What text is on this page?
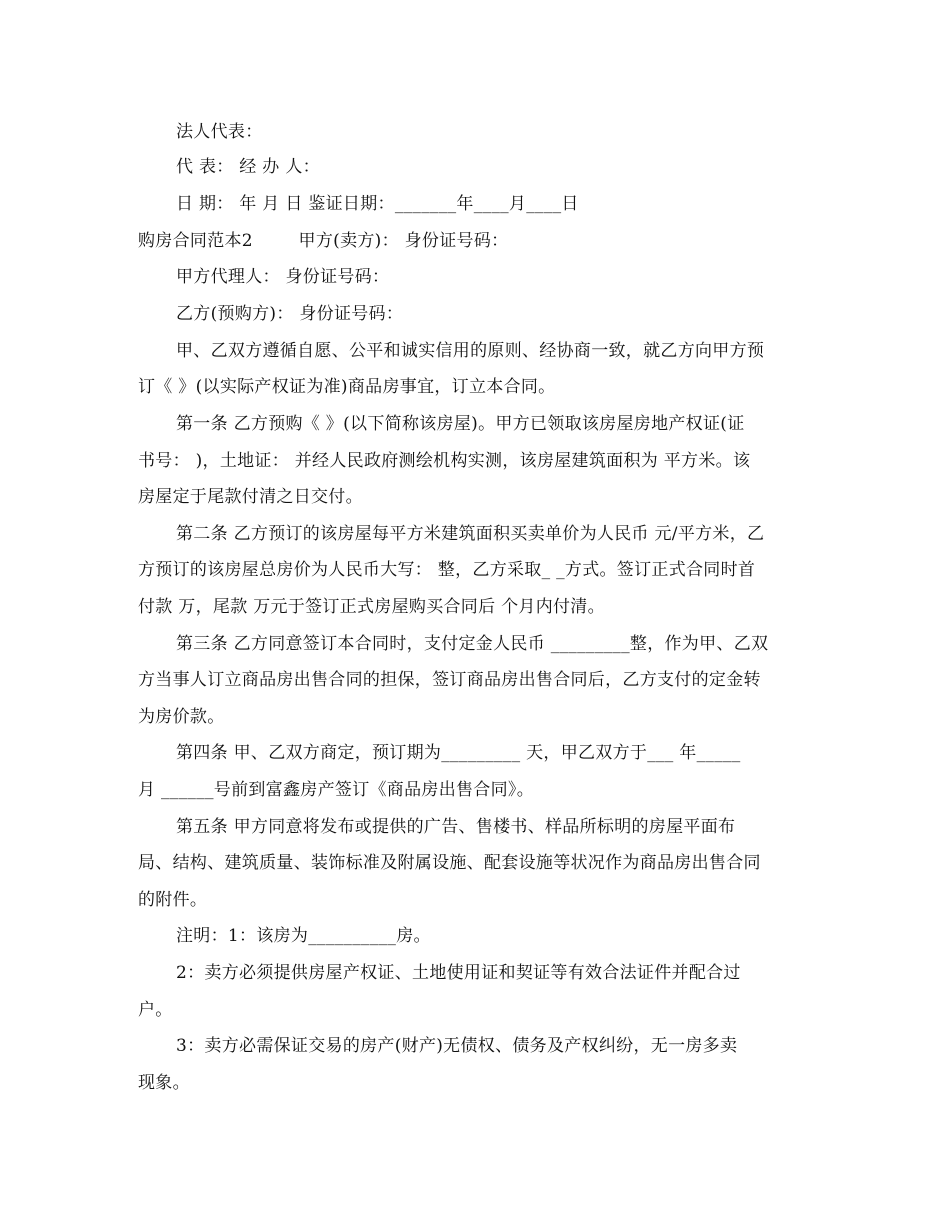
法人代表：
代 表： 经 办 人：
日 期： 年 月 日 鉴证日期：_______年____月____日
购房合同范本2        甲方(卖方)： 身份证号码：
甲方代理人： 身份证号码：
乙方(预购方)： 身份证号码：
甲、乙双方遵循自愿、公平和诚实信用的原则、经协商一致，就乙方向甲方预
订《 》(以实际产权证为准)商品房事宜，订立本合同。
第一条 乙方预购《 》(以下简称该房屋)。甲方已领取该房屋房地产权证(证
书号： )，土地证： 并经人民政府测绘机构实测，该房屋建筑面积为 平方米。该
房屋定于尾款付清之日交付。
第二条 乙方预订的该房屋每平方米建筑面积买卖单价为人民币 元/平方米，乙
方预订的该房屋总房价为人民币大写： 整，乙方采取_ _方式。签订正式合同时首
付款 万，尾款 万元于签订正式房屋购买合同后 个月内付清。
第三条 乙方同意签订本合同时，支付定金人民币 _________整，作为甲、乙双
方当事人订立商品房出售合同的担保，签订商品房出售合同后，乙方支付的定金转
为房价款。
第四条 甲、乙双方商定，预订期为_________ 天，甲乙双方于___ 年_____
月 ______号前到富鑫房产签订《商品房出售合同》。
第五条 甲方同意将发布或提供的广告、售楼书、样品所标明的房屋平面布
局、结构、建筑质量、装饰标准及附属设施、配套设施等状况作为商品房出售合同
的附件。
注明：1：该房为__________房。
2：卖方必须提供房屋产权证、土地使用证和契证等有效合法证件并配合过
户。
3：卖方必需保证交易的房产(财产)无债权、债务及产权纠纷，无一房多卖
现象。
